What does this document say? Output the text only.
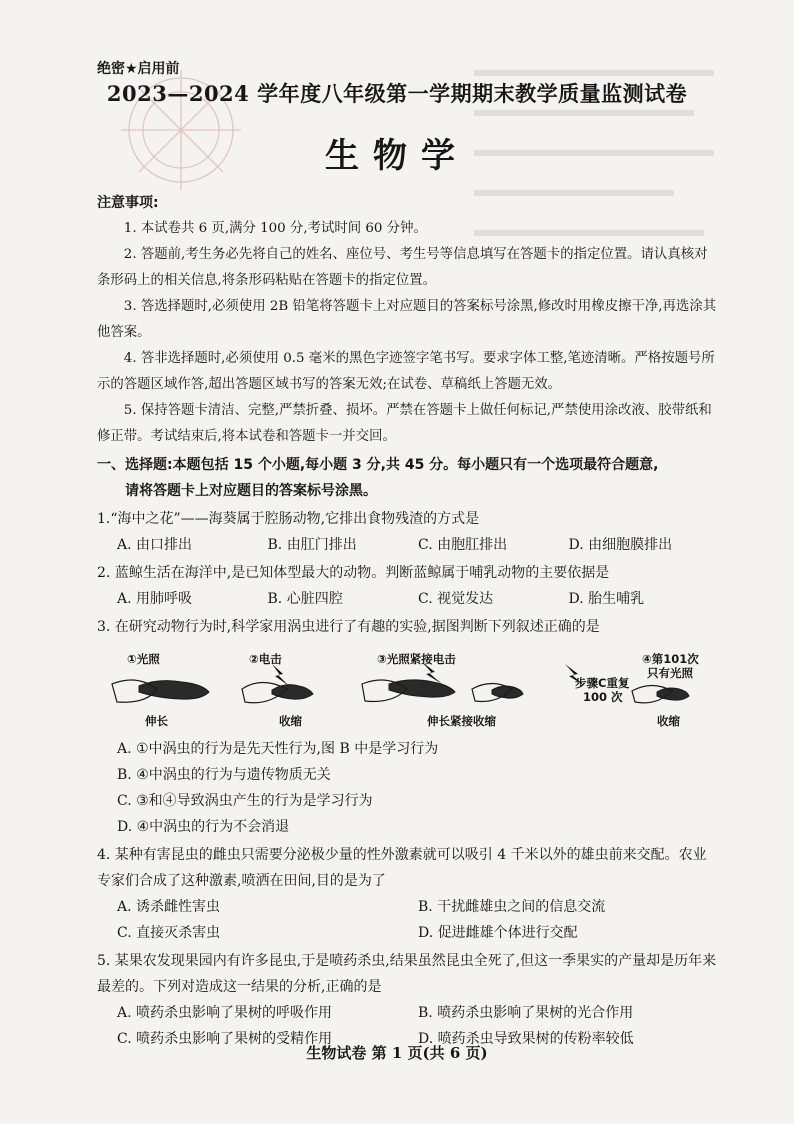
绝密★启用前
2023—2024 学年度八年级第一学期期末教学质量监测试卷
生物学
注意事项:

1. 本试卷共 6 页,满分 100 分,考试时间 60 分钟。

2. 答题前,考生务必先将自己的姓名、座位号、考生号等信息填写在答题卡的指定位置。请认真核对条形码上的相关信息,将条形码粘贴在答题卡的指定位置。

3. 答选择题时,必须使用 2B 铅笔将答题卡上对应题目的答案标号涂黑,修改时用橡皮擦干净,再选涂其他答案。

4. 答非选择题时,必须使用 0.5 毫米的黑色字迹签字笔书写。要求字体工整,笔迹清晰。严格按题号所示的答题区域作答,超出答题区域书写的答案无效;在试卷、草稿纸上答题无效。

5. 保持答题卡清洁、完整,严禁折叠、损坏。严禁在答题卡上做任何标记,严禁使用涂改液、胶带纸和修正带。考试结束后,将本试卷和答题卡一并交回。

一、选择题:本题包括 15 个小题,每小题 3 分,共 45 分。每小题只有一个选项最符合题意,
请将答题卡上对应题目的答案标号涂黑。
1.“海中之花”——海葵属于腔肠动物,它排出食物残渣的方式是
A. 由口排出	B. 由肛门排出	C. 由胞肛排出	D. 由细胞膜排出
2. 蓝鲸生活在海洋中,是已知体型最大的动物。判断蓝鲸属于哺乳动物的主要依据是
A. 用肺呼吸	B. 心脏四腔	C. 视觉发达	D. 胎生哺乳
3. 在研究动物行为时,科学家用涡虫进行了有趣的实验,据图判断下列叙述正确的是
①光照	②电击	③光照紧接电击	④第101次
只有光照
步骤C重复
100 次
伸长	收缩	伸长紧接收缩	收缩
A. ①中涡虫的行为是先天性行为,图 B 中是学习行为
B. ④中涡虫的行为与遗传物质无关
C. ③和④导致涡虫产生的行为是学习行为
D. ④中涡虫的行为不会消退
4. 某种有害昆虫的雌虫只需要分泌极少量的性外激素就可以吸引 4 千米以外的雄虫前来交配。农业专家们合成了这种激素,喷洒在田间,目的是为了
A. 诱杀雌性害虫	B. 干扰雌雄虫之间的信息交流
C. 直接灭杀害虫	D. 促进雌雄个体进行交配
5. 某果农发现果园内有许多昆虫,于是喷药杀虫,结果虽然昆虫全死了,但这一季果实的产量却是历年来最差的。下列对造成这一结果的分析,正确的是
A. 喷药杀虫影响了果树的呼吸作用	B. 喷药杀虫影响了果树的光合作用
C. 喷药杀虫影响了果树的受精作用	D. 喷药杀虫导致果树的传粉率较低
生物试卷 第 1 页(共 6 页)
